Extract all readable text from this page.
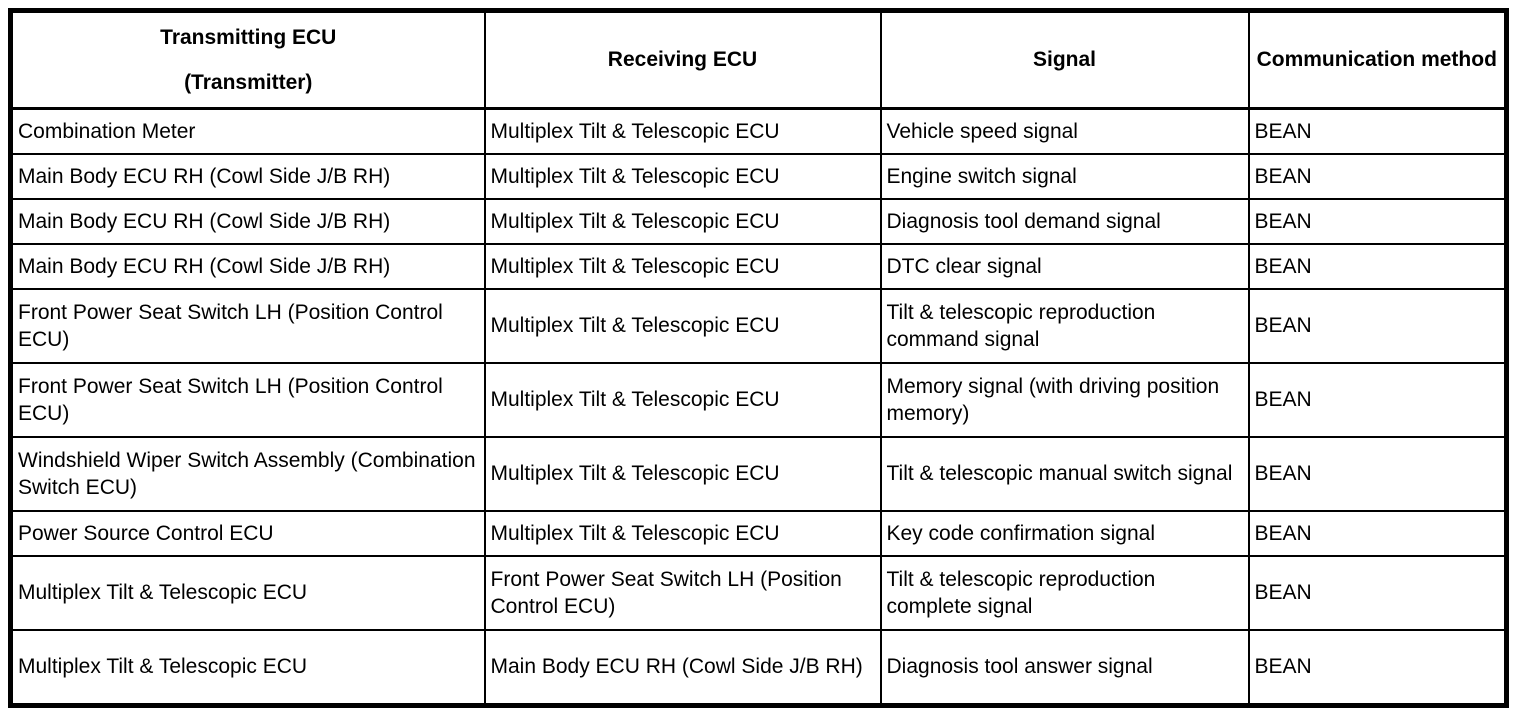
Transmitting ECU
(Transmitter)	Receiving ECU	Signal	Communication method
Combination Meter	Multiplex Tilt & Telescopic ECU	Vehicle speed signal	BEAN
Main Body ECU RH (Cowl Side J/B RH)	Multiplex Tilt & Telescopic ECU	Engine switch signal	BEAN
Main Body ECU RH (Cowl Side J/B RH)	Multiplex Tilt & Telescopic ECU	Diagnosis tool demand signal	BEAN
Main Body ECU RH (Cowl Side J/B RH)	Multiplex Tilt & Telescopic ECU	DTC clear signal	BEAN
Front Power Seat Switch LH (Position Control ECU)	Multiplex Tilt & Telescopic ECU	Tilt & telescopic reproduction command signal	BEAN
Front Power Seat Switch LH (Position Control ECU)	Multiplex Tilt & Telescopic ECU	Memory signal (with driving position memory)	BEAN
Windshield Wiper Switch Assembly (Combination Switch ECU)	Multiplex Tilt & Telescopic ECU	Tilt & telescopic manual switch signal	BEAN
Power Source Control ECU	Multiplex Tilt & Telescopic ECU	Key code confirmation signal	BEAN
Multiplex Tilt & Telescopic ECU	Front Power Seat Switch LH (Position Control ECU)	Tilt & telescopic reproduction complete signal	BEAN
Multiplex Tilt & Telescopic ECU	Main Body ECU RH (Cowl Side J/B RH)	Diagnosis tool answer signal	BEAN
